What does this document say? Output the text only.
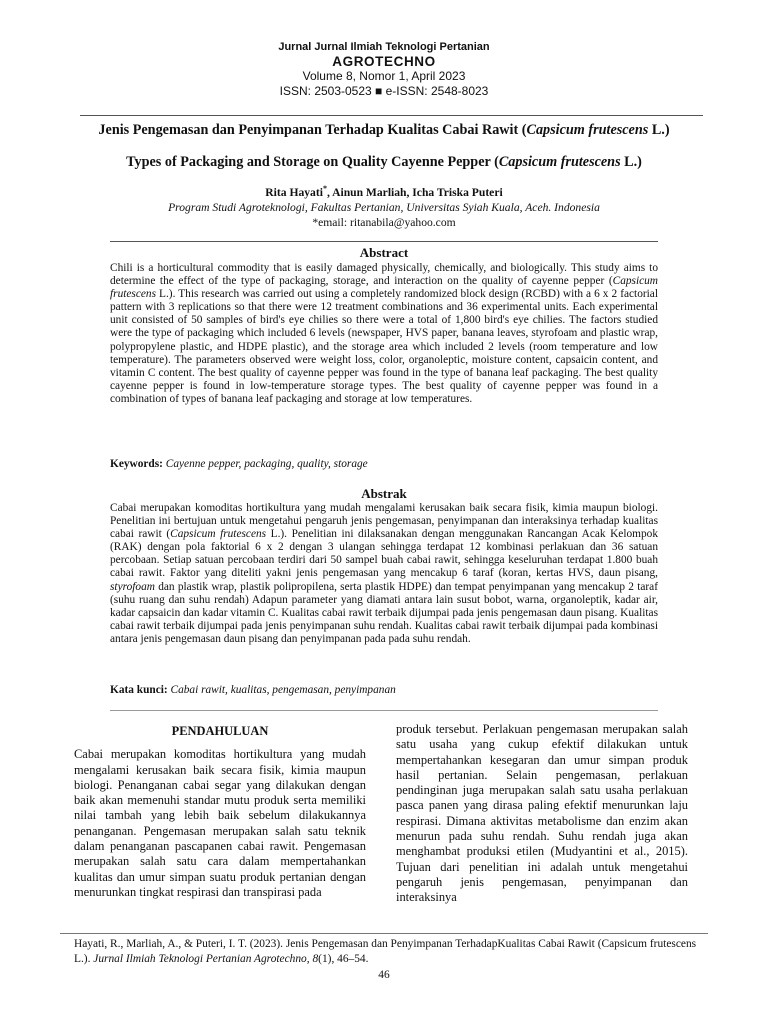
Jurnal Jurnal Ilmiah Teknologi Pertanian
AGROTECHNO
Volume 8, Nomor 1, April 2023
ISSN: 2503-0523 ■ e-ISSN: 2548-8023
Jenis Pengemasan dan Penyimpanan Terhadap Kualitas Cabai Rawit (Capsicum frutescens L.)
Types of Packaging and Storage on Quality Cayenne Pepper (Capsicum frutescens L.)
Rita Hayati*, Ainun Marliah, Icha Triska Puteri
Program Studi Agroteknologi, Fakultas Pertanian, Universitas Syiah Kuala, Aceh. Indonesia
*email: ritanabila@yahoo.com
Abstract

Chili is a horticultural commodity that is easily damaged physically, chemically, and biologically. This study aims to determine the effect of the type of packaging, storage, and interaction on the quality of cayenne pepper (Capsicum frutescens L.). This research was carried out using a completely randomized block design (RCBD) with a 6 x 2 factorial pattern with 3 replications so that there were 12 treatment combinations and 36 experimental units. Each experimental unit consisted of 50 samples of bird's eye chilies so there were a total of 1,800 bird's eye chilies. The factors studied were the type of packaging which included 6 levels (newspaper, HVS paper, banana leaves, styrofoam and plastic wrap, polypropylene plastic, and HDPE plastic), and the storage area which included 2 levels (room temperature and low temperature). The parameters observed were weight loss, color, organoleptic, moisture content, capsaicin content, and vitamin C content. The best quality of cayenne pepper was found in the type of banana leaf packaging. The best quality cayenne pepper is found in low-temperature storage types. The best quality of cayenne pepper was found in a combination of types of banana leaf packaging and storage at low temperatures.

Keywords: Cayenne pepper, packaging, quality, storage
Abstrak

Cabai merupakan komoditas hortikultura yang mudah mengalami kerusakan baik secara fisik, kimia maupun biologi. Penelitian ini bertujuan untuk mengetahui pengaruh jenis pengemasan, penyimpanan dan interaksinya terhadap kualitas cabai rawit (Capsicum frutescens L.). Penelitian ini dilaksanakan dengan menggunakan Rancangan Acak Kelompok (RAK) dengan pola faktorial 6 x 2 dengan 3 ulangan sehingga terdapat 12 kombinasi perlakuan dan 36 satuan percobaan. Setiap satuan percobaan terdiri dari 50 sampel buah cabai rawit, sehingga keseluruhan terdapat 1.800 buah cabai rawit. Faktor yang diteliti yakni jenis pengemasan yang mencakup 6 taraf (koran, kertas HVS, daun pisang, styrofoam dan plastik wrap, plastik polipropilena, serta plastik HDPE) dan tempat penyimpanan yang mencakup 2 taraf (suhu ruang dan suhu rendah) Adapun parameter yang diamati antara lain susut bobot, warna, organoleptik, kadar air, kadar capsaicin dan kadar vitamin C. Kualitas cabai rawit terbaik dijumpai pada jenis pengemasan daun pisang. Kualitas cabai rawit terbaik dijumpai pada jenis penyimpanan suhu rendah. Kualitas cabai rawit terbaik dijumpai pada kombinasi antara jenis pengemasan daun pisang dan penyimpanan pada pada suhu rendah.

Kata kunci: Cabai rawit, kualitas, pengemasan, penyimpanan
PENDAHULUAN

Cabai merupakan komoditas hortikultura yang mudah mengalami kerusakan baik secara fisik, kimia maupun biologi. Penanganan cabai segar yang dilakukan dengan baik akan memenuhi standar mutu produk serta memiliki nilai tambah yang lebih baik sebelum dilakukannya penanganan. Pengemasan merupakan salah satu teknik dalam penanganan pascapanen cabai rawit. Pengemasan merupakan salah satu cara dalam mempertahankan kualitas dan umur simpan suatu produk pertanian dengan menurunkan tingkat respirasi dan transpirasi pada

produk tersebut. Perlakuan pengemasan merupakan salah satu usaha yang cukup efektif dilakukan untuk mempertahankan kesegaran dan umur simpan produk hasil pertanian. Selain pengemasan, perlakuan pendinginan juga merupakan salah satu usaha perlakuan pasca panen yang dirasa paling efektif menurunkan laju respirasi. Dimana aktivitas metabolisme dan enzim akan menurun pada suhu rendah. Suhu rendah juga akan menghambat produksi etilen (Mudyantini et al., 2015). Tujuan dari penelitian ini adalah untuk mengetahui pengaruh jenis pengemasan, penyimpanan dan interaksinya

Hayati, R., Marliah, A., & Puteri, I. T. (2023). Jenis Pengemasan dan Penyimpanan TerhadapKualitas Cabai Rawit (Capsicum frutescens L.). Jurnal Ilmiah Teknologi Pertanian Agrotechno, 8(1), 46–54.
46
